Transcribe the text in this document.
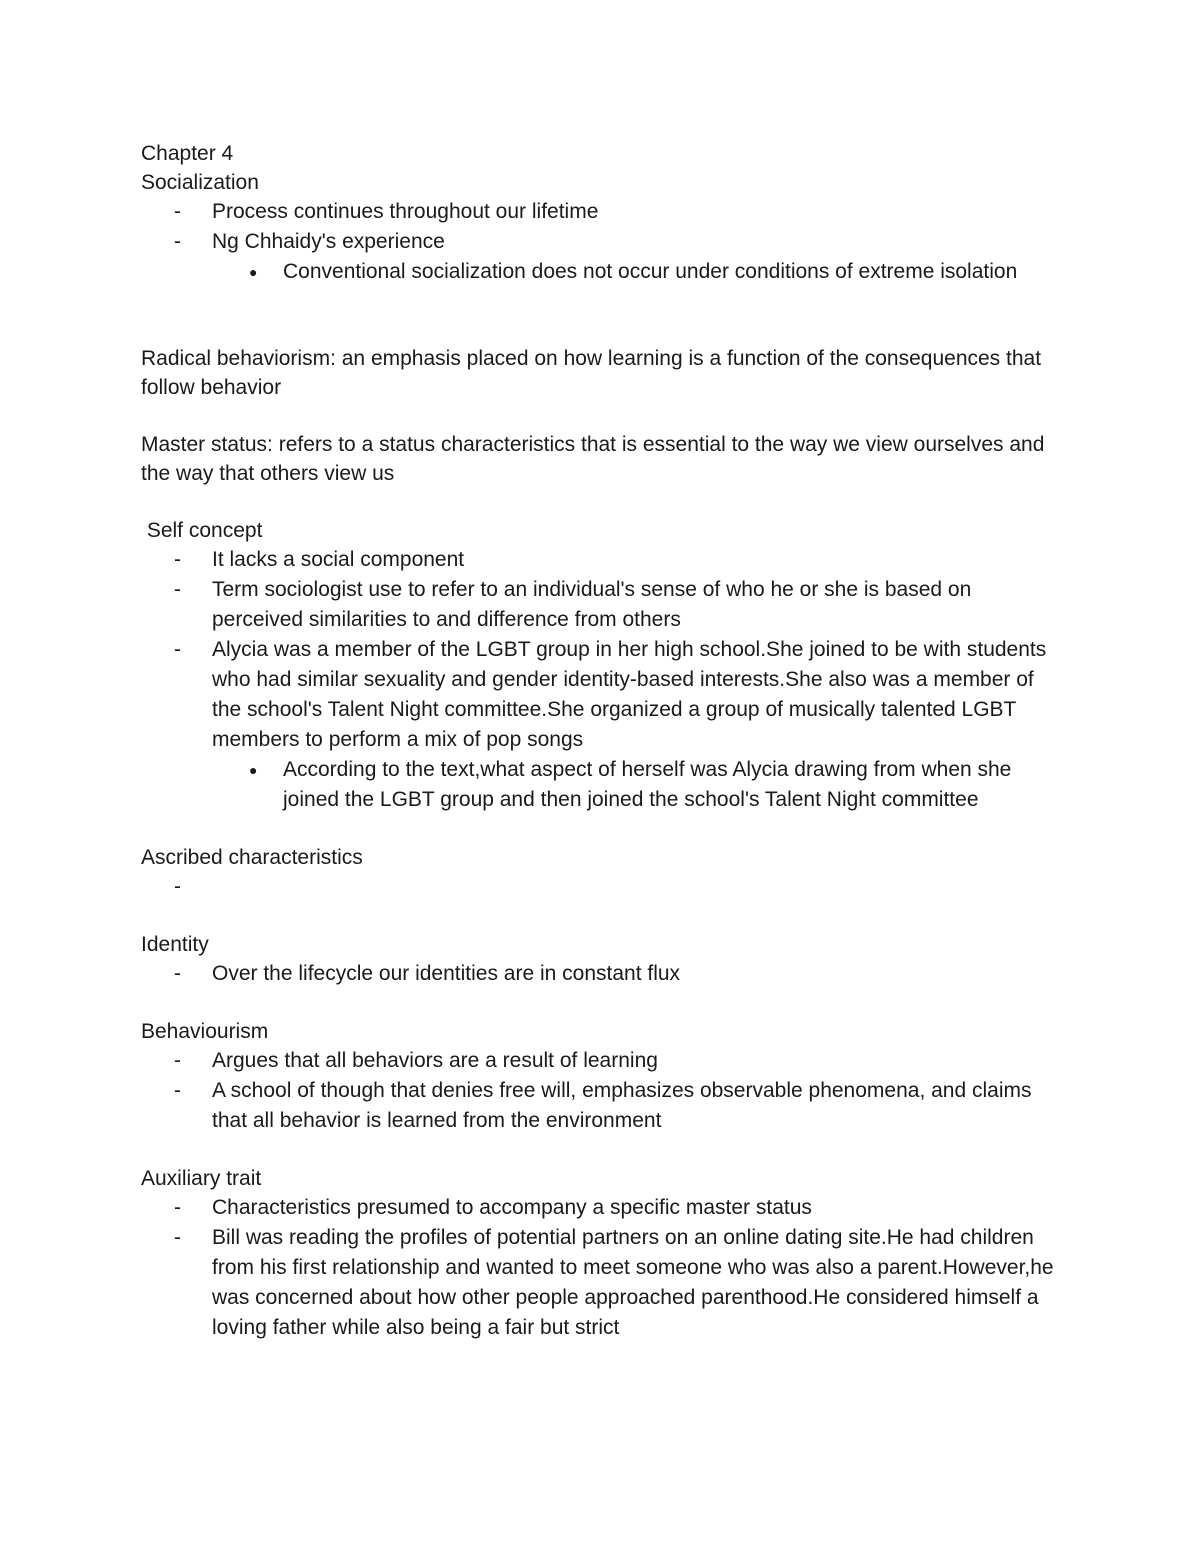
Chapter 4

Socialization

- Process continues throughout our lifetime
- Ng Chhaidy's experience
● Conventional socialization does not occur under conditions of extreme isolation

Radical behaviorism: an emphasis placed on how learning is a function of the consequences that follow behavior

Master status: refers to a status characteristics that is essential to the way we view ourselves and the way that others view us

Self concept

- It lacks a social component
- Term sociologist use to refer to an individual's sense of who he or she is based on perceived similarities to and difference from others
- Alycia was a member of the LGBT group in her high school.She joined to be with students who had similar sexuality and gender identity-based interests.She also was a member of the school's Talent Night committee.She organized a group of musically talented LGBT members to perform a mix of pop songs
● According to the text,what aspect of herself was Alycia drawing from when she joined the LGBT group and then joined the school's Talent Night committee

Ascribed characteristics

-

Identity

- Over the lifecycle our identities are in constant flux

Behaviourism

- Argues that all behaviors are a result of learning
- A school of though that denies free will, emphasizes observable phenomena, and claims that all behavior is learned from the environment

Auxiliary trait

- Characteristics presumed to accompany a specific master status
- Bill was reading the profiles of potential partners on an online dating site.He had children from his first relationship and wanted to meet someone who was also a parent.However,he was concerned about how other people approached parenthood.He considered himself a loving father while also being a fair but strict
